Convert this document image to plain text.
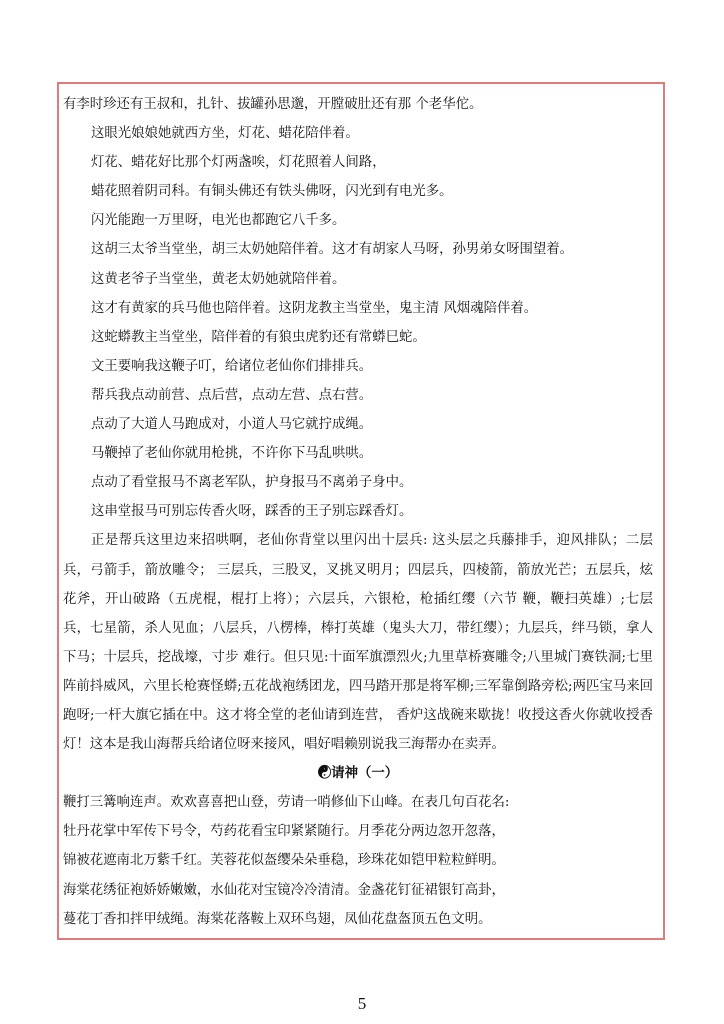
有李时珍还有王叔和，扎针、拔罐孙思邈，开膛破肚还有那 个老华佗。
这眼光娘娘她就西方坐，灯花、蜡花陪伴着。
灯花、蜡花好比那个灯两盏唉，灯花照着人间路，
蜡花照着阴司科。有铜头佛还有铁头佛呀，闪光到有电光多。
闪光能跑一万里呀，电光也都跑它八千多。
这胡三太爷当堂坐，胡三太奶她陪伴着。这才有胡家人马呀，孙男弟女呀围望着。
这黄老爷子当堂坐，黄老太奶她就陪伴着。
这才有黄家的兵马他也陪伴着。这阴龙教主当堂坐，鬼主清 风烟魂陪伴着。
这蛇蟒教主当堂坐，陪伴着的有狼虫虎豹还有常蟒巳蛇。
文王要响我这鞭子叮，给诸位老仙你们排排兵。
帮兵我点动前营、点后营，点动左营、点右营。
点动了大道人马跑成对，小道人马它就拧成绳。
马鞭掉了老仙你就用枪挑，不许你下马乱哄哄。
点动了看堂报马不离老军队，护身报马不离弟子身中。
这串堂报马可别忘传香火呀，踩香的王子别忘踩香灯。

正是帮兵这里边来招哄啊，老仙你背堂以里闪出十层兵: 这头层之兵藤排手，迎风排队；二层兵，弓箭手，箭放雕令； 三层兵，三股叉，叉挑叉明月；四层兵，四棱箭，箭放光芒；五层兵，炫花斧，开山破路（五虎棍，棍打上将）；六层兵，六银枪，枪插红缨（六节 鞭，鞭扫英雄）;七层兵，七星箭，杀人见血；八层兵，八楞棒，棒打英雄（鬼头大刀，带红缨）；九层兵，绊马锁，拿人下马；十层兵，挖战壕，寸步 难行。但只见:十面军旗漂烈火;九里草桥赛雕令;八里城门赛铁洞;七里阵前抖威风，六里长枪赛怪蟒;五花战袍绣团龙，四马踏开那是将军柳;三军靠倒路旁松;两匹宝马来回跑呀;一杆大旗它插在中。这才将全堂的老仙请到连营， 香炉这战碗来歇拢！收授这香火你就收授香灯！这本是我山海帮兵给诸位呀来接风，唱好唱赖别说我三海帮办在卖弄。

☯请神（一）
鞭打三篝响连声。欢欢喜喜把山登，劳请一哨修仙下山峰。在表几句百花名:
牡丹花掌中军传下号令，芍药花看宝印紧紧随行。月季花分两边忽开忽落，
锦被花遮南北万紫千红。芙蓉花似盔缨朵朵垂稳，珍珠花如铠甲粒粒鲜明。
海棠花绣征袍娇娇嫩嫩，水仙花对宝镜冷冷清清。金盏花钉征裙银钉高卦，
蔓花丁香扣拌甲绒绳。海棠花落鞍上双环鸟翅，凤仙花盘盔顶五色文明。
5
